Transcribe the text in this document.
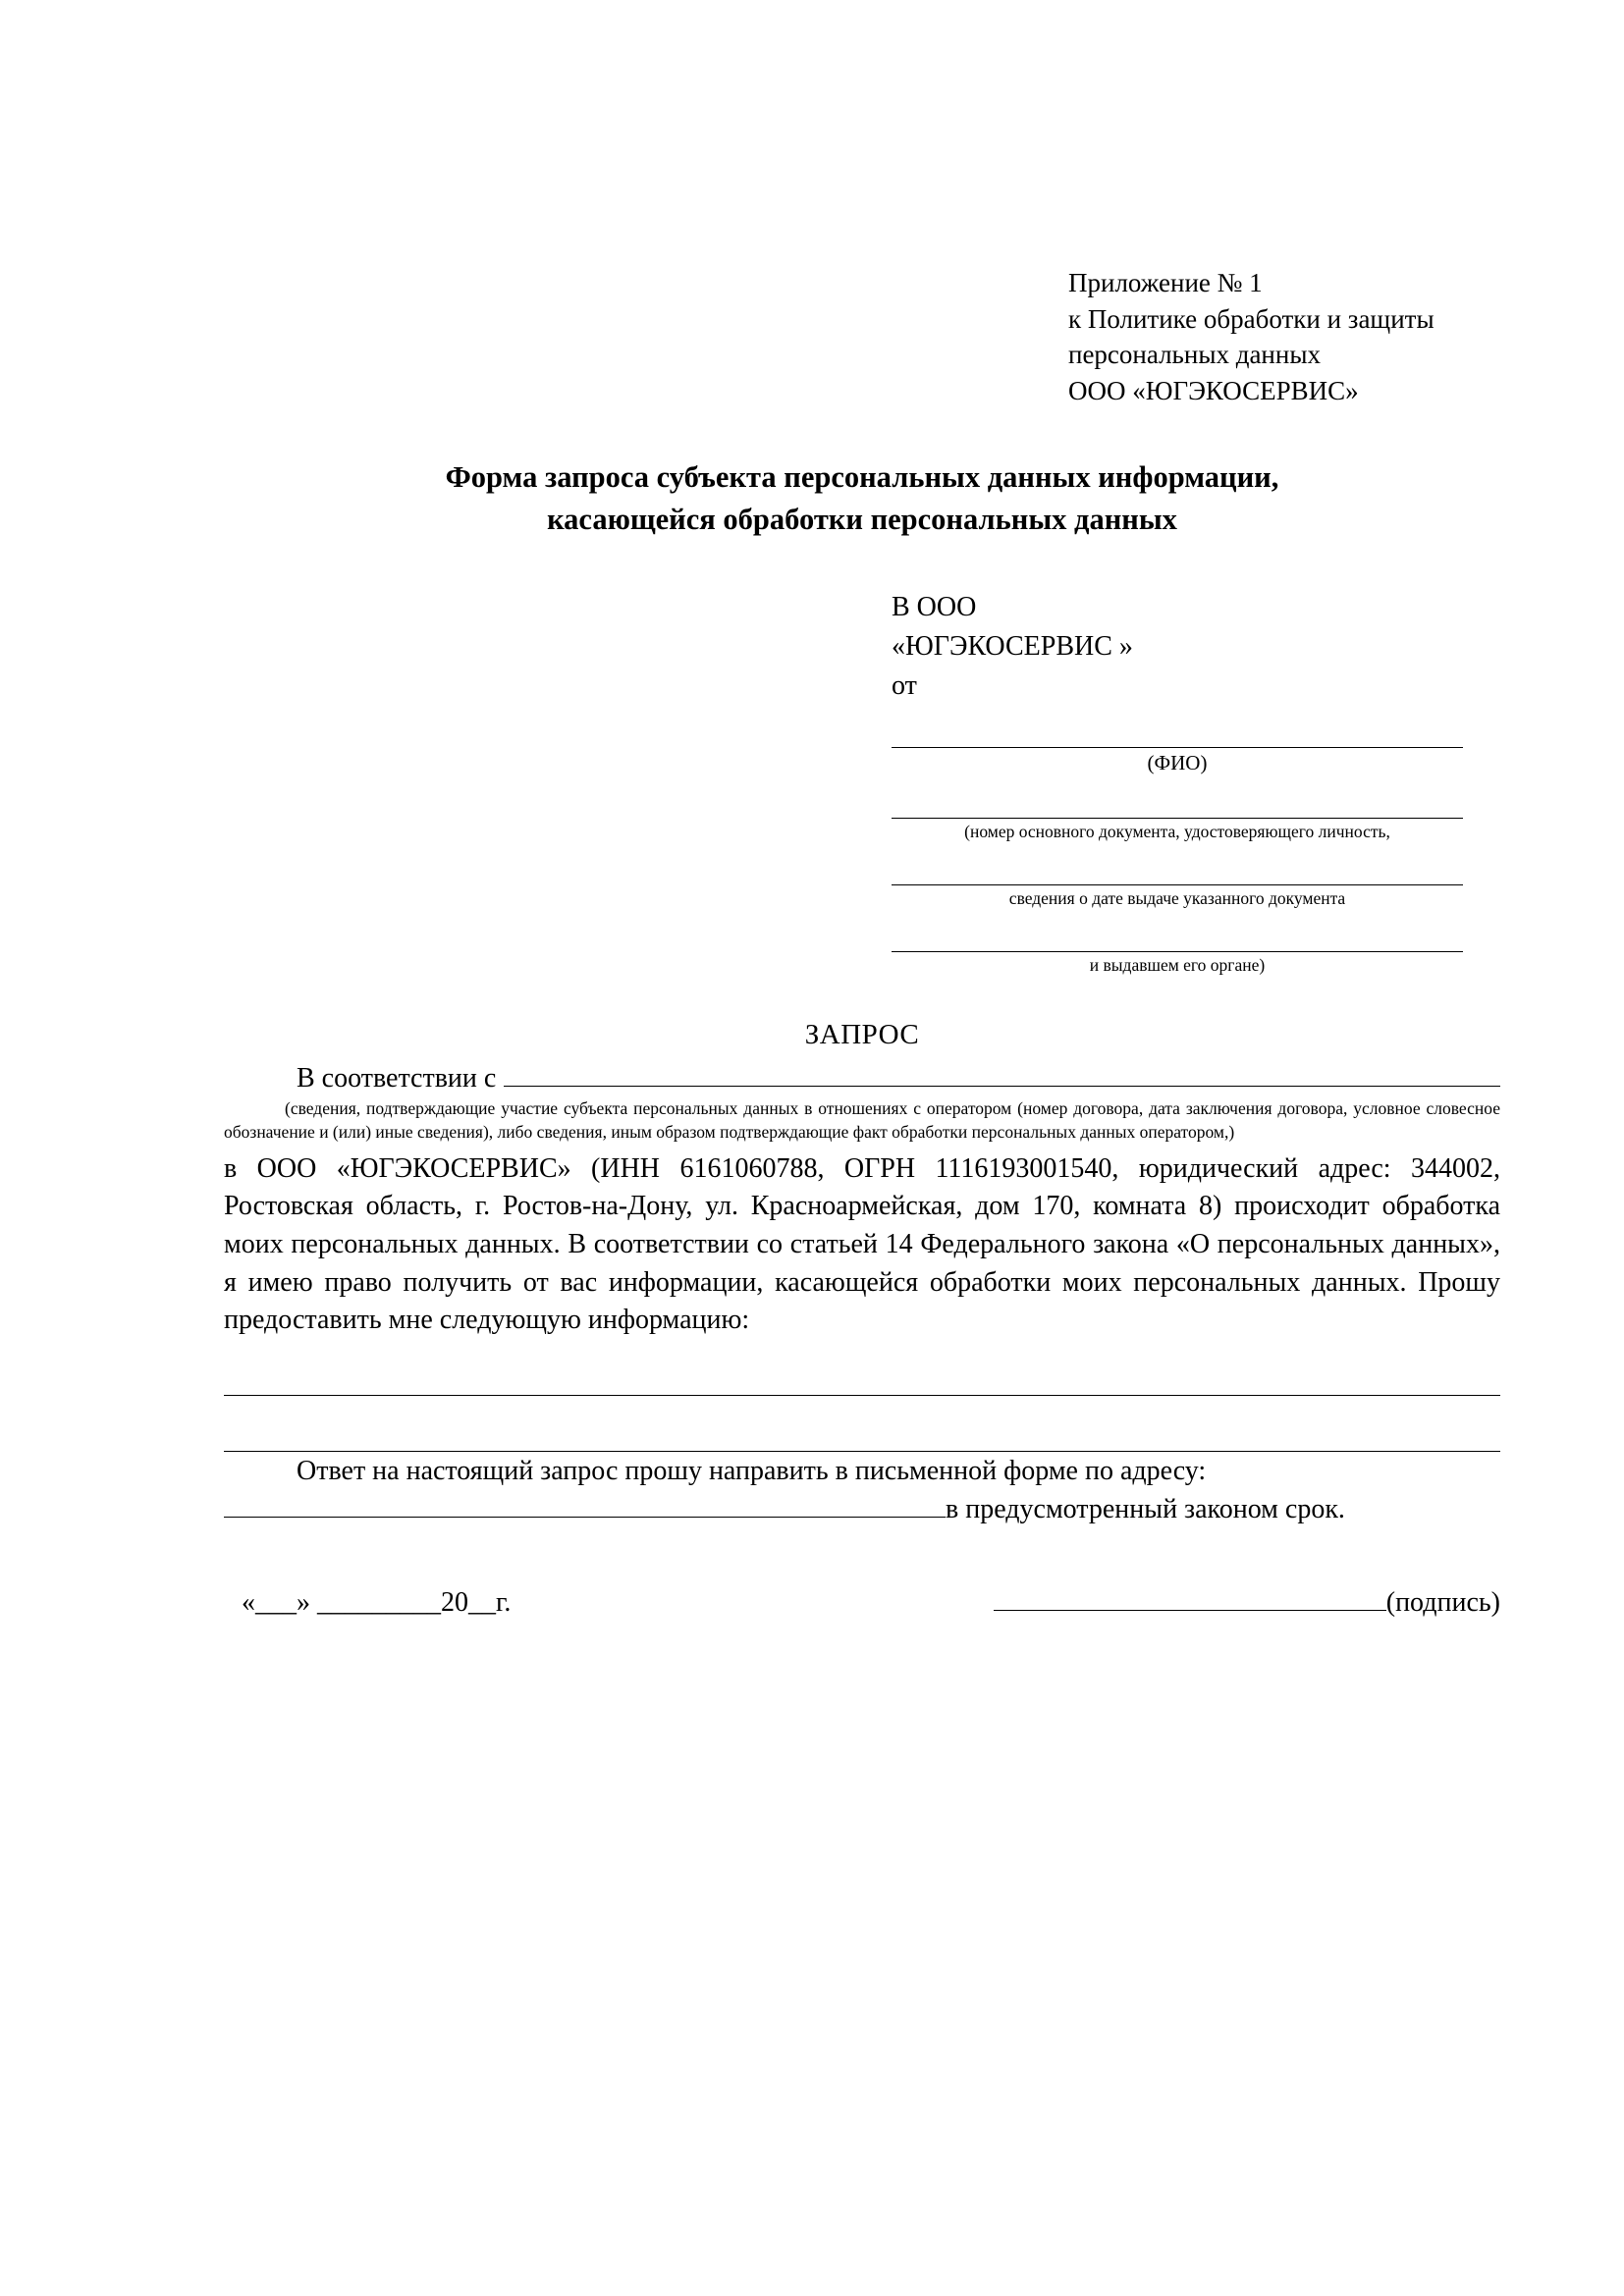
Приложение № 1
к Политике обработки и защиты
персональных данных
ООО «ЮГЭКОСЕРВИС»
Форма запроса субъекта персональных данных информации,
касающейся обработки персональных данных
В ООО
«ЮГЭКОСЕРВИС »
от
(ФИО)
(номер основного документа, удостоверяющего личность,
сведения о дате выдаче указанного документа
и выдавшем его органе)
ЗАПРОС
В соответствии с
(сведения, подтверждающие участие субъекта персональных данных в отношениях с оператором (номер договора, дата заключения договора, условное словесное обозначение и (или) иные сведения), либо сведения, иным образом подтверждающие факт обработки персональных данных оператором,)
в ООО «ЮГЭКОСЕРВИС» (ИНН 6161060788, ОГРН 1116193001540, юридический адрес: 344002, Ростовская область, г. Ростов-на-Дону, ул. Красноармейская, дом 170, комната 8) происходит обработка моих персональных данных. В соответствии со статьей 14 Федерального закона «О персональных данных», я имею право получить от вас информации, касающейся обработки моих персональных данных. Прошу предоставить мне следующую информацию:
Ответ на настоящий запрос прошу направить в письменной форме по адресу:
в предусмотренный законом срок.
«___» _________20__г.	(подпись)
